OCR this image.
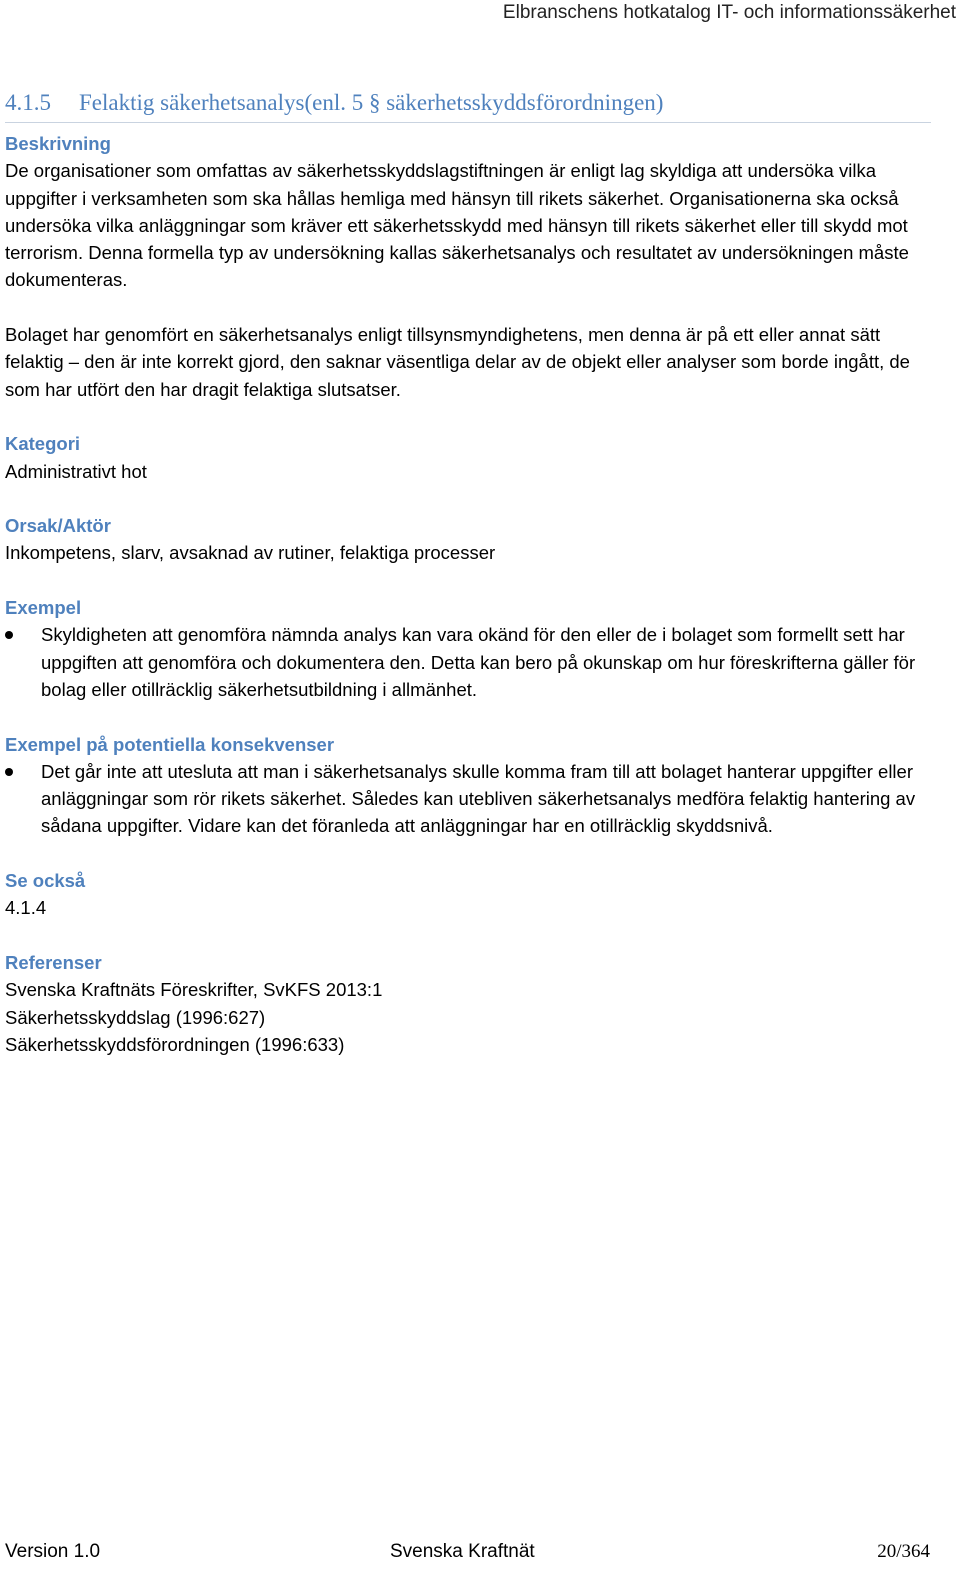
Elbranschens hotkatalog IT- och informationssäkerhet
4.1.5 Felaktig säkerhetsanalys(enl. 5 § säkerhetsskyddsförordningen)
Beskrivning

De organisationer som omfattas av säkerhetsskyddslagstiftningen är enligt lag skyldiga att undersöka vilka uppgifter i verksamheten som ska hållas hemliga med hänsyn till rikets säkerhet. Organisationerna ska också undersöka vilka anläggningar som kräver ett säkerhetsskydd med hänsyn till rikets säkerhet eller till skydd mot terrorism. Denna formella typ av undersökning kallas säkerhetsanalys och resultatet av undersökningen måste dokumenteras.

Bolaget har genomfört en säkerhetsanalys enligt tillsynsmyndighetens, men denna är på ett eller annat sätt felaktig – den är inte korrekt gjord, den saknar väsentliga delar av de objekt eller analyser som borde ingått, de som har utfört den har dragit felaktiga slutsatser.

Kategori
Administrativt hot
Orsak/Aktör
Inkompetens, slarv, avsaknad av rutiner, felaktiga processer
Exempel
Skyldigheten att genomföra nämnda analys kan vara okänd för den eller de i bolaget som formellt sett har uppgiften att genomföra och dokumentera den. Detta kan bero på okunskap om hur föreskrifterna gäller för bolag eller otillräcklig säkerhetsutbildning i allmänhet.
Exempel på potentiella konsekvenser
Det går inte att utesluta att man i säkerhetsanalys skulle komma fram till att bolaget hanterar uppgifter eller anläggningar som rör rikets säkerhet. Således kan utebliven säkerhetsanalys medföra felaktig hantering av sådana uppgifter. Vidare kan det föranleda att anläggningar har en otillräcklig skyddsnivå.
Se också
4.1.4
Referenser
Svenska Kraftnäts Föreskrifter, SvKFS 2013:1
Säkerhetsskyddslag (1996:627)
Säkerhetsskyddsförordningen (1996:633)
Version 1.0	Svenska Kraftnät	20/364
